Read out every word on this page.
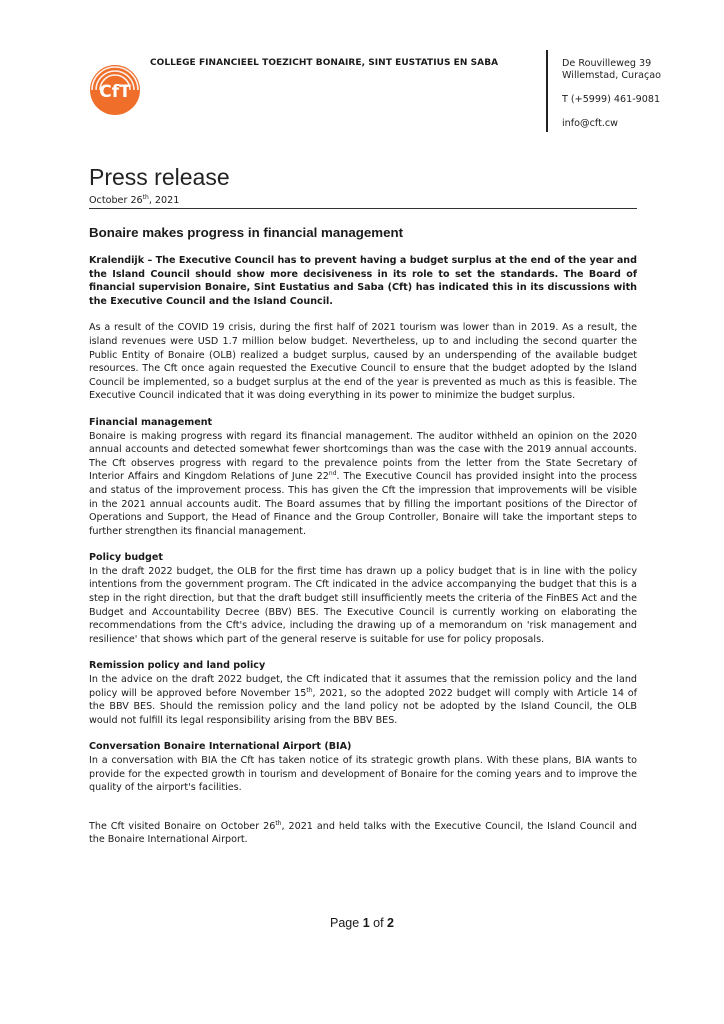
COLLEGE FINANCIEEL TOEZICHT BONAIRE, SINT EUSTATIUS EN SABA
CfT
De Rouvilleweg 39
Willemstad, Curaçao
T (+5999) 461-9081
info@cft.cw
Press release
October 26th, 2021
Bonaire makes progress in financial management

Kralendijk – The Executive Council has to prevent having a budget surplus at the end of the year and the Island Council should show more decisiveness in its role to set the standards. The Board of financial supervision Bonaire, Sint Eustatius and Saba (Cft) has indicated this in its discussions with the Executive Council and the Island Council.

As a result of the COVID 19 crisis, during the first half of 2021 tourism was lower than in 2019. As a result, the island revenues were USD 1.7 million below budget. Nevertheless, up to and including the second quarter the Public Entity of Bonaire (OLB) realized a budget surplus, caused by an underspending of the available budget resources. The Cft once again requested the Executive Council to ensure that the budget adopted by the Island Council be implemented, so a budget surplus at the end of the year is prevented as much as this is feasible. The Executive Council indicated that it was doing everything in its power to minimize the budget surplus.

Financial management

Bonaire is making progress with regard its financial management. The auditor withheld an opinion on the 2020 annual accounts and detected somewhat fewer shortcomings than was the case with the 2019 annual accounts. The Cft observes progress with regard to the prevalence points from the letter from the State Secretary of Interior Affairs and Kingdom Relations of June 22nd. The Executive Council has provided insight into the process and status of the improvement process. This has given the Cft the impression that improvements will be visible in the 2021 annual accounts audit. The Board assumes that by filling the important positions of the Director of Operations and Support, the Head of Finance and the Group Controller, Bonaire will take the important steps to further strengthen its financial management.

Policy budget

In the draft 2022 budget, the OLB for the first time has drawn up a policy budget that is in line with the policy intentions from the government program. The Cft indicated in the advice accompanying the budget that this is a step in the right direction, but that the draft budget still insufficiently meets the criteria of the FinBES Act and the Budget and Accountability Decree (BBV) BES. The Executive Council is currently working on elaborating the recommendations from the Cft's advice, including the drawing up of a memorandum on 'risk management and resilience' that shows which part of the general reserve is suitable for use for policy proposals.

Remission policy and land policy

In the advice on the draft 2022 budget, the Cft indicated that it assumes that the remission policy and the land policy will be approved before November 15th, 2021, so the adopted 2022 budget will comply with Article 14 of the BBV BES. Should the remission policy and the land policy not be adopted by the Island Council, the OLB would not fulfill its legal responsibility arising from the BBV BES.

Conversation Bonaire International Airport (BIA)

In a conversation with BIA the Cft has taken notice of its strategic growth plans. With these plans, BIA wants to provide for the expected growth in tourism and development of Bonaire for the coming years and to improve the quality of the airport's facilities.

The Cft visited Bonaire on October 26th, 2021 and held talks with the Executive Council, the Island Council and the Bonaire International Airport.

Page 1 of 2
